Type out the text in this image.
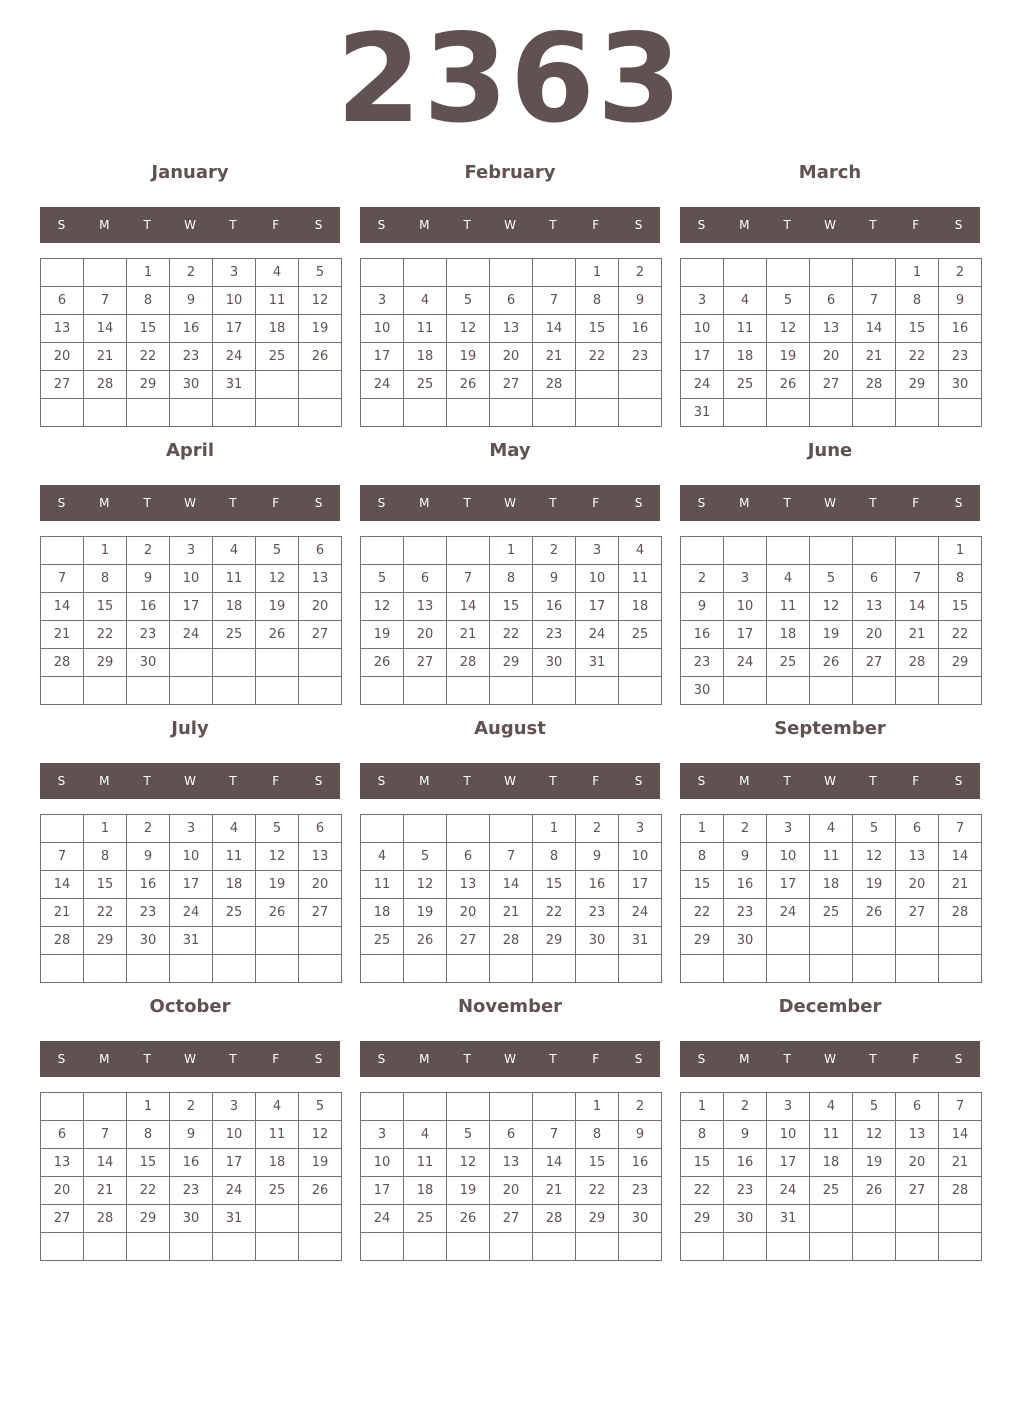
2363
January
S	M	T	W	T	F	S
		1	2	3	4	5
6	7	8	9	10	11	12
13	14	15	16	17	18	19
20	21	22	23	24	25	26
27	28	29	30	31		

February
S	M	T	W	T	F	S
					1	2
3	4	5	6	7	8	9
10	11	12	13	14	15	16
17	18	19	20	21	22	23
24	25	26	27	28		

March
S	M	T	W	T	F	S
					1	2
3	4	5	6	7	8	9
10	11	12	13	14	15	16
17	18	19	20	21	22	23
24	25	26	27	28	29	30
31						
April
S	M	T	W	T	F	S
	1	2	3	4	5	6
7	8	9	10	11	12	13
14	15	16	17	18	19	20
21	22	23	24	25	26	27
28	29	30				

May
S	M	T	W	T	F	S
			1	2	3	4
5	6	7	8	9	10	11
12	13	14	15	16	17	18
19	20	21	22	23	24	25
26	27	28	29	30	31	

June
S	M	T	W	T	F	S
						1
2	3	4	5	6	7	8
9	10	11	12	13	14	15
16	17	18	19	20	21	22
23	24	25	26	27	28	29
30						
July
S	M	T	W	T	F	S
	1	2	3	4	5	6
7	8	9	10	11	12	13
14	15	16	17	18	19	20
21	22	23	24	25	26	27
28	29	30	31			

August
S	M	T	W	T	F	S
				1	2	3
4	5	6	7	8	9	10
11	12	13	14	15	16	17
18	19	20	21	22	23	24
25	26	27	28	29	30	31

September
S	M	T	W	T	F	S
1	2	3	4	5	6	7
8	9	10	11	12	13	14
15	16	17	18	19	20	21
22	23	24	25	26	27	28
29	30					

October
S	M	T	W	T	F	S
		1	2	3	4	5
6	7	8	9	10	11	12
13	14	15	16	17	18	19
20	21	22	23	24	25	26
27	28	29	30	31		

November
S	M	T	W	T	F	S
					1	2
3	4	5	6	7	8	9
10	11	12	13	14	15	16
17	18	19	20	21	22	23
24	25	26	27	28	29	30

December
S	M	T	W	T	F	S
1	2	3	4	5	6	7
8	9	10	11	12	13	14
15	16	17	18	19	20	21
22	23	24	25	26	27	28
29	30	31				
